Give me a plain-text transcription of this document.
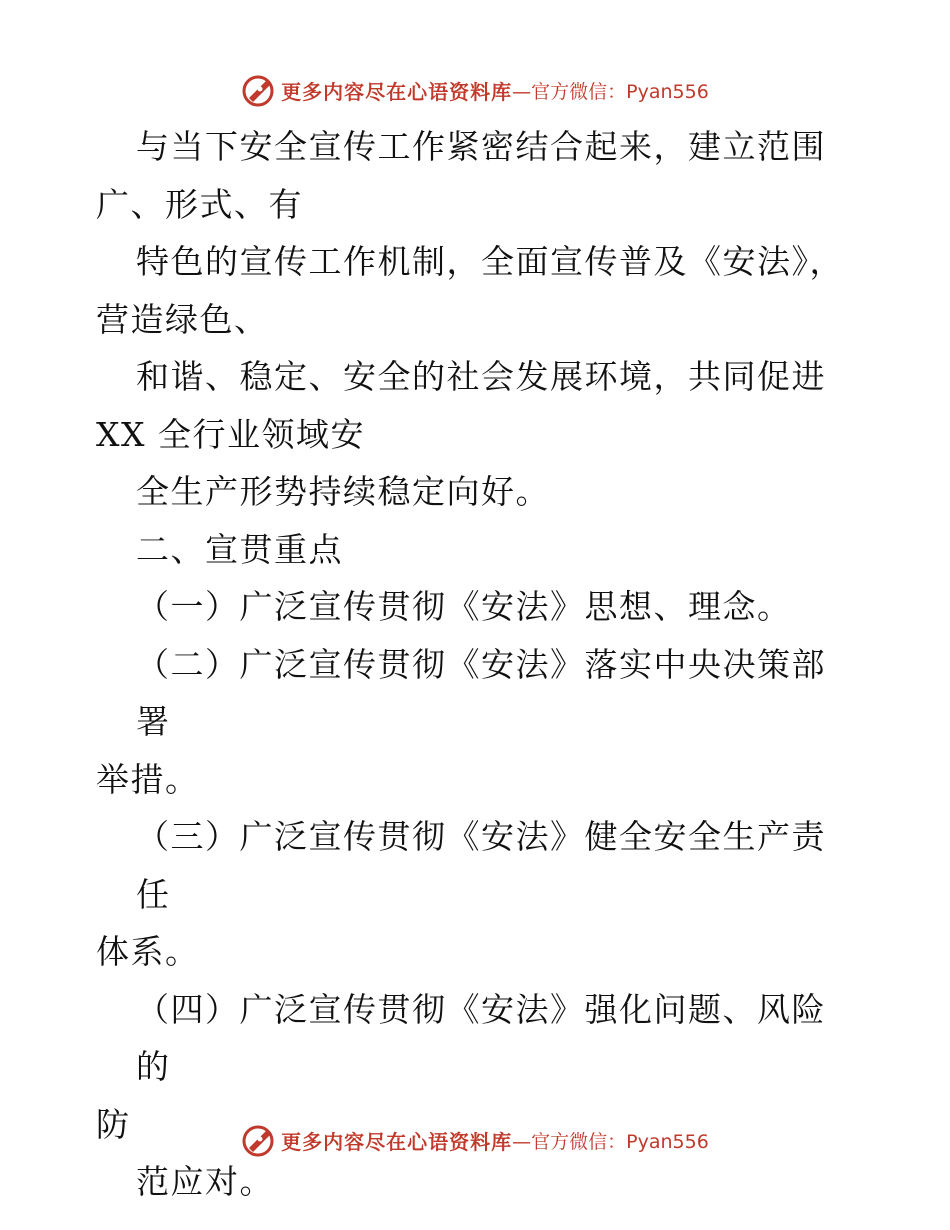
更多内容尽在心语资料库 —官方微信：Pyan556

与当下安全宣传工作紧密结合起来，建立范围

广、形式、有

特色的宣传工作机制，全面宣传普及《安法》，

营造绿色、

和谐、稳定、安全的社会发展环境，共同促进

XX 全行业领域安

全生产形势持续稳定向好。

二、宣贯重点

（一）广泛宣传贯彻《安法》思想、理念。

（二）广泛宣传贯彻《安法》落实中央决策部署

举措。

（三）广泛宣传贯彻《安法》健全安全生产责任

体系。

（四）广泛宣传贯彻《安法》强化问题、风险的

防

范应对。

更多内容尽在心语资料库 —官方微信：Pyan556
